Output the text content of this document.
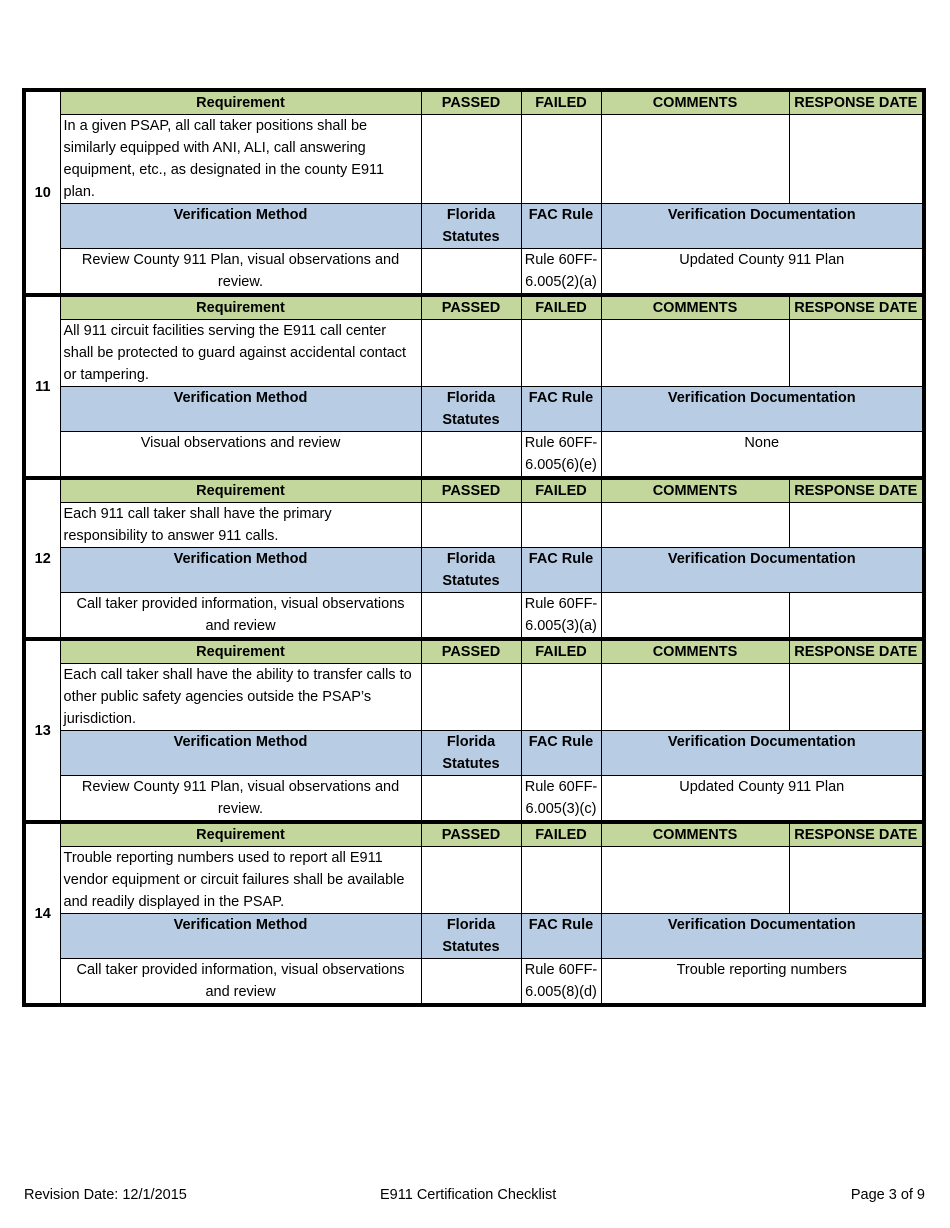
10	Requirement	PASSED	FAILED	COMMENTS	RESPONSE DATE
	In a given PSAP, all call taker positions shall be similarly equipped with ANI, ALI, call answering equipment, etc., as designated in the county E911 plan.				
	Verification Method	Florida Statutes	FAC Rule	Verification Documentation	
	Review County 911 Plan, visual observations and review.		Rule 60FF-6.005(2)(a)	Updated County 911 Plan	
11	Requirement	PASSED	FAILED	COMMENTS	RESPONSE DATE
	All 911 circuit facilities serving the E911 call center shall be protected to guard against accidental contact or tampering.				
	Verification Method	Florida Statutes	FAC Rule	Verification Documentation	
	Visual observations and review		Rule 60FF-6.005(6)(e)	None	
12	Requirement	PASSED	FAILED	COMMENTS	RESPONSE DATE
	Each 911 call taker shall have the primary responsibility to answer 911 calls.				
	Verification Method	Florida Statutes	FAC Rule	Verification Documentation	
	Call taker provided information, visual observations and review		Rule 60FF-6.005(3)(a)		
13	Requirement	PASSED	FAILED	COMMENTS	RESPONSE DATE
	Each call taker shall have the ability to transfer calls to other public safety agencies outside the PSAP’s jurisdiction.				
	Verification Method	Florida Statutes	FAC Rule	Verification Documentation	
	Review County 911 Plan, visual observations and review.		Rule 60FF-6.005(3)(c)	Updated County 911 Plan	
14	Requirement	PASSED	FAILED	COMMENTS	RESPONSE DATE
	Trouble reporting numbers used to report all E911 vendor equipment or circuit failures shall be available and readily displayed in the PSAP.				
	Verification Method	Florida Statutes	FAC Rule	Verification Documentation	
	Call taker provided information, visual observations and review		Rule 60FF-6.005(8)(d)	Trouble reporting numbers	
Revision Date: 12/1/2015	E911 Certification Checklist	Page 3 of 9
